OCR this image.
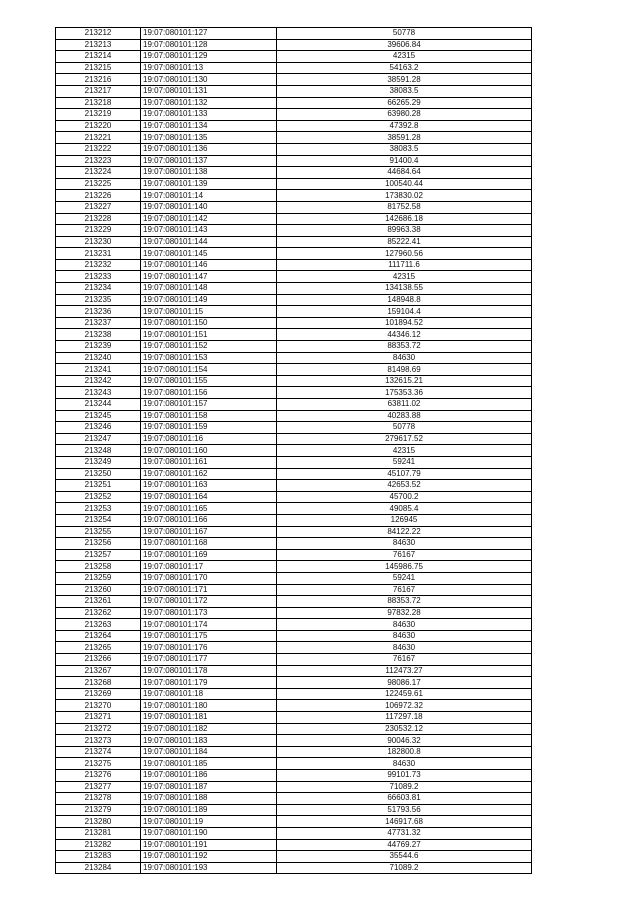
213212	19:07:080101:127	50778
213213	19:07:080101:128	39606.84
213214	19:07:080101:129	42315
213215	19:07:080101:13	54163.2
213216	19:07:080101:130	38591.28
213217	19:07:080101:131	38083.5
213218	19:07:080101:132	66265.29
213219	19:07:080101:133	63980.28
213220	19:07:080101:134	47392.8
213221	19:07:080101:135	38591.28
213222	19:07:080101:136	38083.5
213223	19:07:080101:137	91400.4
213224	19:07:080101:138	44684.64
213225	19:07:080101:139	100540.44
213226	19:07:080101:14	173830.02
213227	19:07:080101:140	81752.58
213228	19:07:080101:142	142686.18
213229	19:07:080101:143	89963.38
213230	19:07:080101:144	85222.41
213231	19:07:080101:145	127960.56
213232	19:07:080101:146	111711.6
213233	19:07:080101:147	42315
213234	19:07:080101:148	134138.55
213235	19:07:080101:149	148948.8
213236	19:07:080101:15	159104.4
213237	19:07:080101:150	101894.52
213238	19:07:080101:151	44346.12
213239	19:07:080101:152	88353.72
213240	19:07:080101:153	84630
213241	19:07:080101:154	81498.69
213242	19:07:080101:155	132615.21
213243	19:07:080101:156	175353.36
213244	19:07:080101:157	63811.02
213245	19:07:080101:158	40283.88
213246	19:07:080101:159	50778
213247	19:07:080101:16	279617.52
213248	19:07:080101:160	42315
213249	19:07:080101:161	59241
213250	19:07:080101:162	45107.79
213251	19:07:080101:163	42653.52
213252	19:07:080101:164	45700.2
213253	19:07:080101:165	49085.4
213254	19:07:080101:166	126945
213255	19:07:080101:167	84122.22
213256	19:07:080101:168	84630
213257	19:07:080101:169	76167
213258	19:07:080101:17	145986.75
213259	19:07:080101:170	59241
213260	19:07:080101:171	76167
213261	19:07:080101:172	88353.72
213262	19:07:080101:173	97832.28
213263	19:07:080101:174	84630
213264	19:07:080101:175	84630
213265	19:07:080101:176	84630
213266	19:07:080101:177	76167
213267	19:07:080101:178	112473.27
213268	19:07:080101:179	98086.17
213269	19:07:080101:18	122459.61
213270	19:07:080101:180	106972.32
213271	19:07:080101:181	117297.18
213272	19:07:080101:182	230532.12
213273	19:07:080101:183	90046.32
213274	19:07:080101:184	182800.8
213275	19:07:080101:185	84630
213276	19:07:080101:186	99101.73
213277	19:07:080101:187	71089.2
213278	19:07:080101:188	66603.81
213279	19:07:080101:189	51793.56
213280	19:07:080101:19	146917.68
213281	19:07:080101:190	47731.32
213282	19:07:080101:191	44769.27
213283	19:07:080101:192	35544.6
213284	19:07:080101:193	71089.2
